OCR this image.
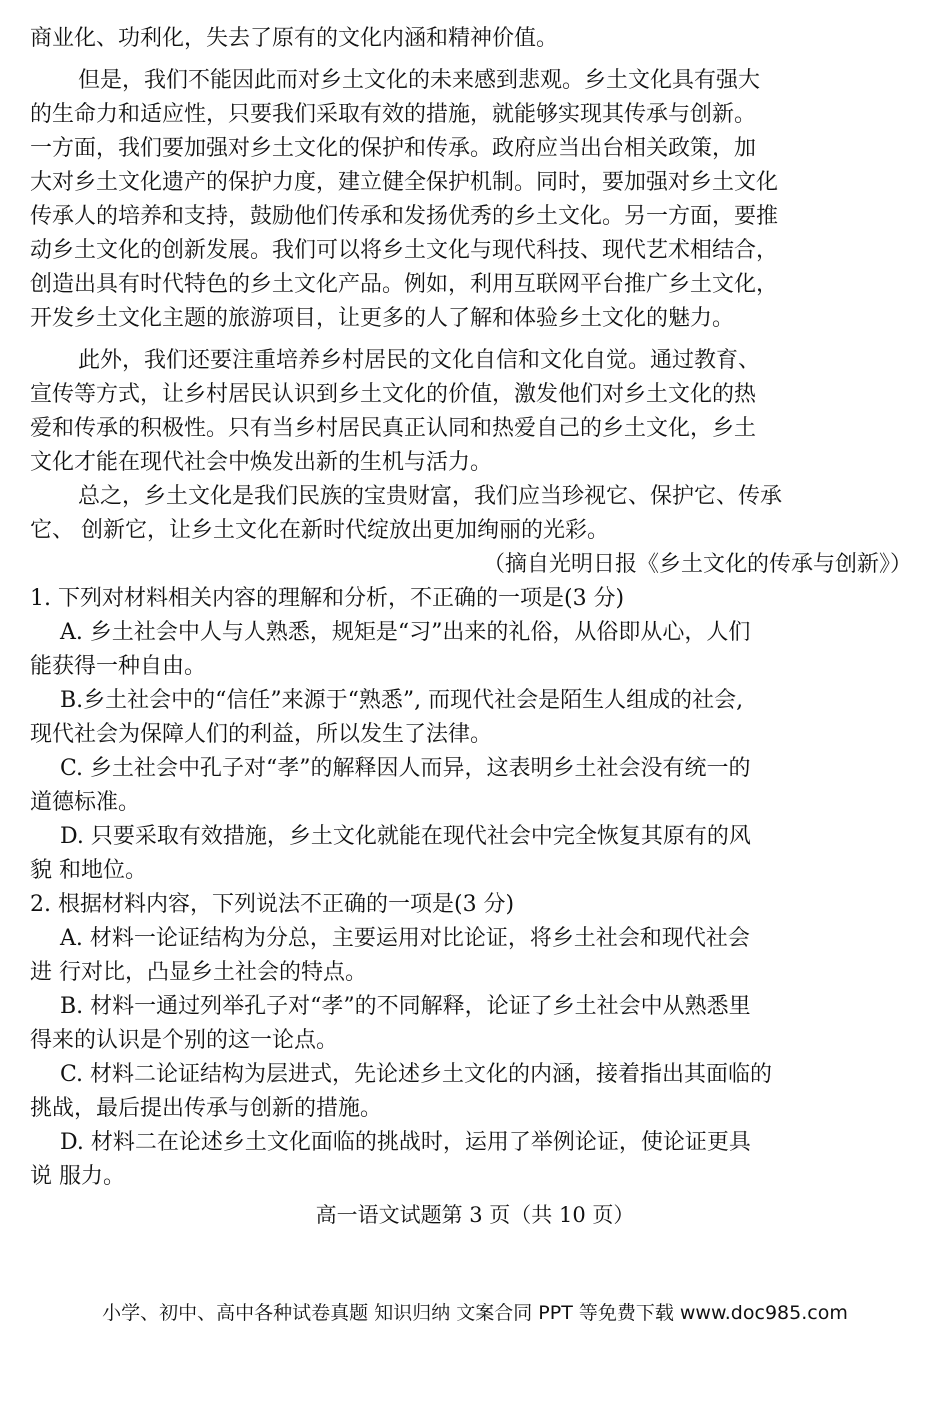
商业化、功利化，失去了原有的文化内涵和精神价值。
但是，我们不能因此而对乡土文化的未来感到悲观。乡土文化具有强大
的生命力和适应性，只要我们采取有效的措施，就能够实现其传承与创新。
一方面，我们要加强对乡土文化的保护和传承。政府应当出台相关政策，加
大对乡土文化遗产的保护力度，建立健全保护机制。同时，要加强对乡土文化
传承人的培养和支持，鼓励他们传承和发扬优秀的乡土文化。另一方面，要推
动乡土文化的创新发展。我们可以将乡土文化与现代科技、现代艺术相结合，
创造出具有时代特色的乡土文化产品。例如，利用互联网平台推广乡土文化，
开发乡土文化主题的旅游项目，让更多的人了解和体验乡土文化的魅力。
此外，我们还要注重培养乡村居民的文化自信和文化自觉。通过教育、
宣传等方式，让乡村居民认识到乡土文化的价值，激发他们对乡土文化的热
爱和传承的积极性。只有当乡村居民真正认同和热爱自己的乡土文化，乡土
文化才能在现代社会中焕发出新的生机与活力。
总之，乡土文化是我们民族的宝贵财富，我们应当珍视它、保护它、传承
它、 创新它，让乡土文化在新时代绽放出更加绚丽的光彩。
（摘自光明日报《乡土文化的传承与创新》）
1. 下列对材料相关内容的理解和分析，不正确的一项是(3 分)
A. 乡土社会中人与人熟悉，规矩是“习”出来的礼俗，从俗即从心，人们
能获得一种自由。
B.乡土社会中的“信任”来源于“熟悉”, 而现代社会是陌生人组成的社会,
现代社会为保障人们的利益，所以发生了法律。
C. 乡土社会中孔子对“孝”的解释因人而异，这表明乡土社会没有统一的
道德标准。
D. 只要采取有效措施，乡土文化就能在现代社会中完全恢复其原有的风
貌 和地位。
2. 根据材料内容，下列说法不正确的一项是(3 分)
A. 材料一论证结构为分总，主要运用对比论证，将乡土社会和现代社会
进 行对比，凸显乡土社会的特点。
B. 材料一通过列举孔子对“孝”的不同解释，论证了乡土社会中从熟悉里
得来的认识是个别的这一论点。
C. 材料二论证结构为层进式，先论述乡土文化的内涵，接着指出其面临的
挑战，最后提出传承与创新的措施。
D. 材料二在论述乡土文化面临的挑战时，运用了举例论证，使论证更具
说 服力。
高一语文试题第 3 页（共 10 页）
小学、初中、高中各种试卷真题 知识归纳 文案合同 PPT 等免费下载 www.doc985.com
